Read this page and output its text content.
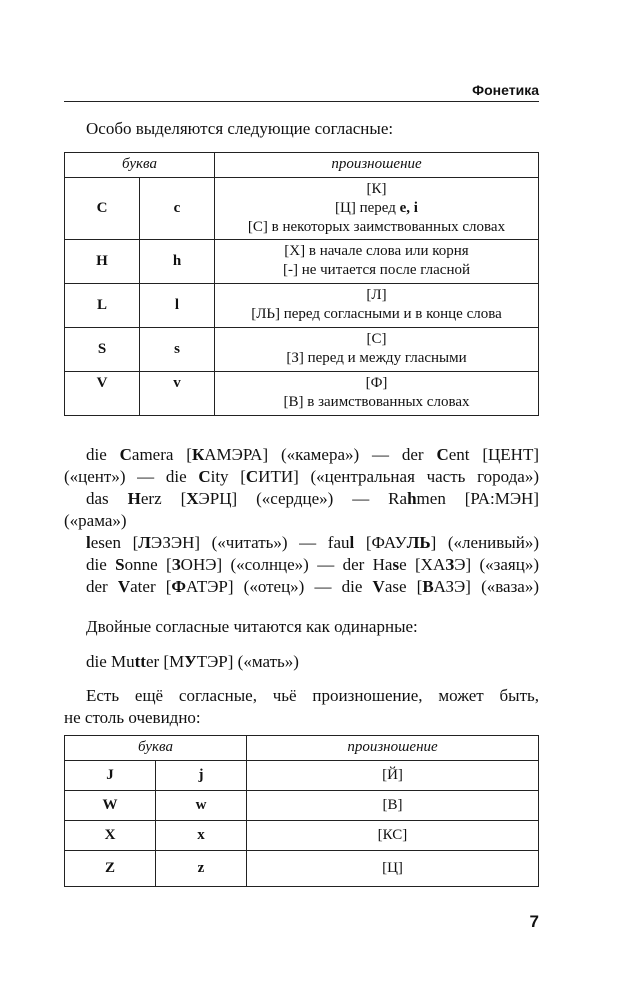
Фонетика
Особо выделяются следующие согласные:
буква		произношение
C	c	[К]
[Ц] перед e, i
[С] в некоторых заимствованных словах

H	h	[Х] в начале слова или корня
[-] не читается после гласной

L	l	[Л]
[ЛЬ] перед согласными и в конце слова

S	s	[С]
[З] перед и между гласными

V	v	[Ф]
[В] в заимствованных словах
die Camera [КАМЭРА] («камера») — der Cent [ЦЕНТ]
(«цент») — die City [СИТИ] («центральная часть города»)
das Herz [ХЭРЦ] («сердце») — Rahmen [РА:МЭН]
(«рама»)
lesen [ЛЭЗЭН] («читать») — faul [ФАУЛЬ] («ленивый»)
die Sonne [ЗОНЭ] («солнце») — der Hase [ХАЗЭ] («заяц»)
der Vater [ФАТЭР] («отец») — die Vase [ВАЗЭ] («ваза»)
Двойные согласные читаются как одинарные:
die Mutter [МУТЭР] («мать»)
Есть ещё согласные, чьё произношение, может быть,
не столь очевидно:
буква		произношение
J	j	[Й]
W	w	[В]
X	x	[КС]
Z	z	[Ц]
7
